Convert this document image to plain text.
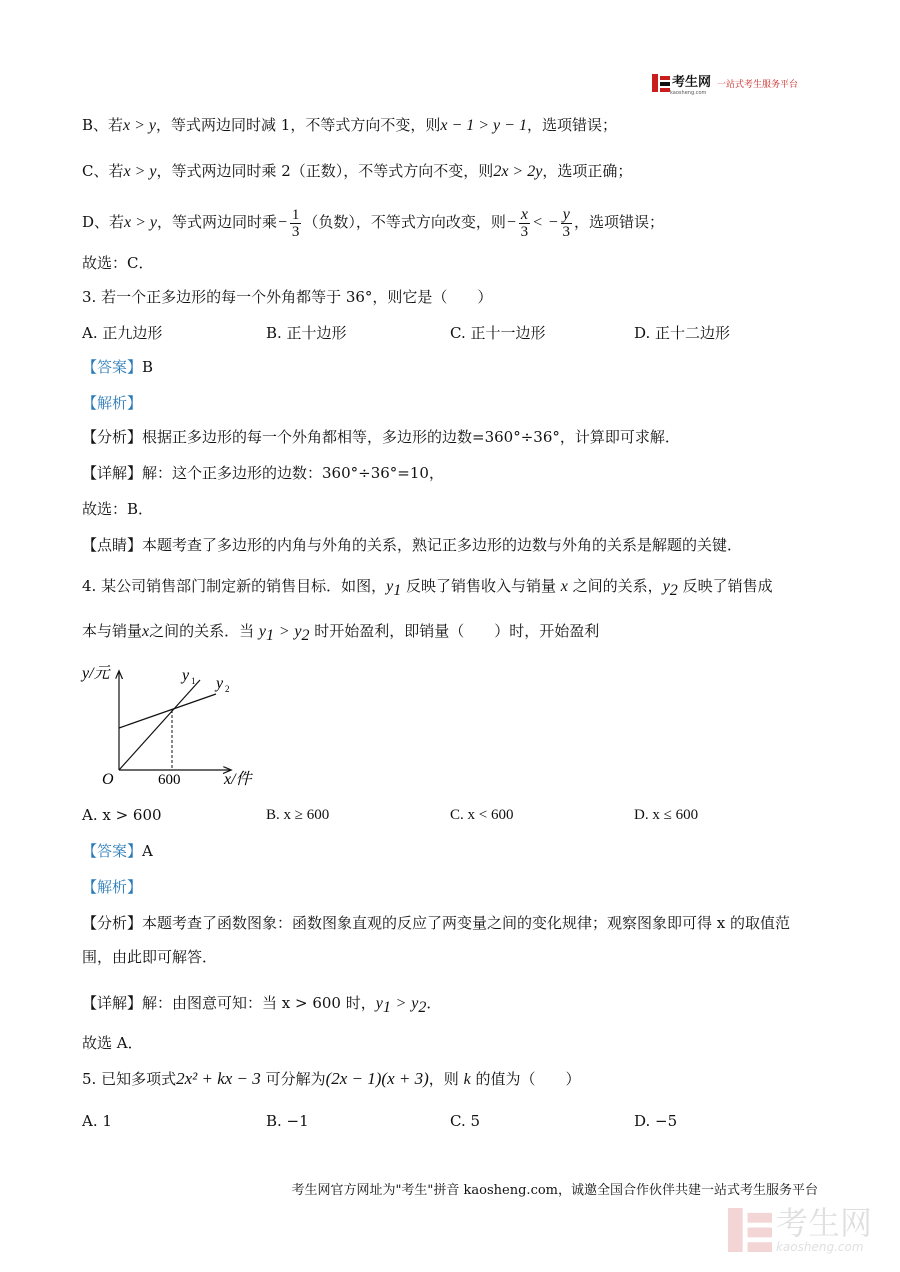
考生网
kaosheng.com
一站式考生服务平台
B、若x > y，等式两边同时减 1，不等式方向不变，则x − 1 > y − 1，选项错误；
C、若x > y，等式两边同时乘 2（正数），不等式方向不变，则2x > 2y，选项正确；
D、若x > y，等式两边同时乘− $\frac{1}{3}$ （负数），不等式方向改变，则− $\frac{x}{3}$ < − $\frac{y}{3}$ ，选项错误；
故选：C．
3. 若一个正多边形的每一个外角都等于 36°，则它是（　　）
A. 正九边形	B. 正十边形	C. 正十一边形	D. 正十二边形
【答案】B
【解析】
【分析】根据正多边形的每一个外角都相等，多边形的边数=360°÷36°，计算即可求解．
【详解】解：这个正多边形的边数：360°÷36°=10，
故选：B．
【点睛】本题考查了多边形的内角与外角的关系，熟记正多边形的边数与外角的关系是解题的关键．
4. 某公司销售部门制定新的销售目标．如图，$y_1$ 反映了销售收入与销量 x 之间的关系，$y_2$ 反映了销售成
本与销量x之间的关系．当 $y_1 > y_2$ 时开始盈利，即销量（　　）时，开始盈利
y/元
x/件
O	600
y 1 y 2
A. x > 600	B. x ≥ 600	C. x < 600	D. x ≤ 600
【答案】A
【解析】
【分析】本题考查了函数图象：函数图象直观的反应了两变量之间的变化规律；观察图象即可得 x 的取值范
围，由此即可解答．
【详解】解：由图意可知：当 x > 600 时，$y_1 > y_2$．
故选 A．
5. 已知多项式2x² + kx − 3 可分解为(2x − 1)(x + 3)，则 k 的值为（　　）
A. 1	B. −1	C. 5	D. −5
考生网官方网址为"考生"拼音 kaosheng.com，诚邀全国合作伙伴共建一站式考生服务平台
考生网
kaosheng.com
